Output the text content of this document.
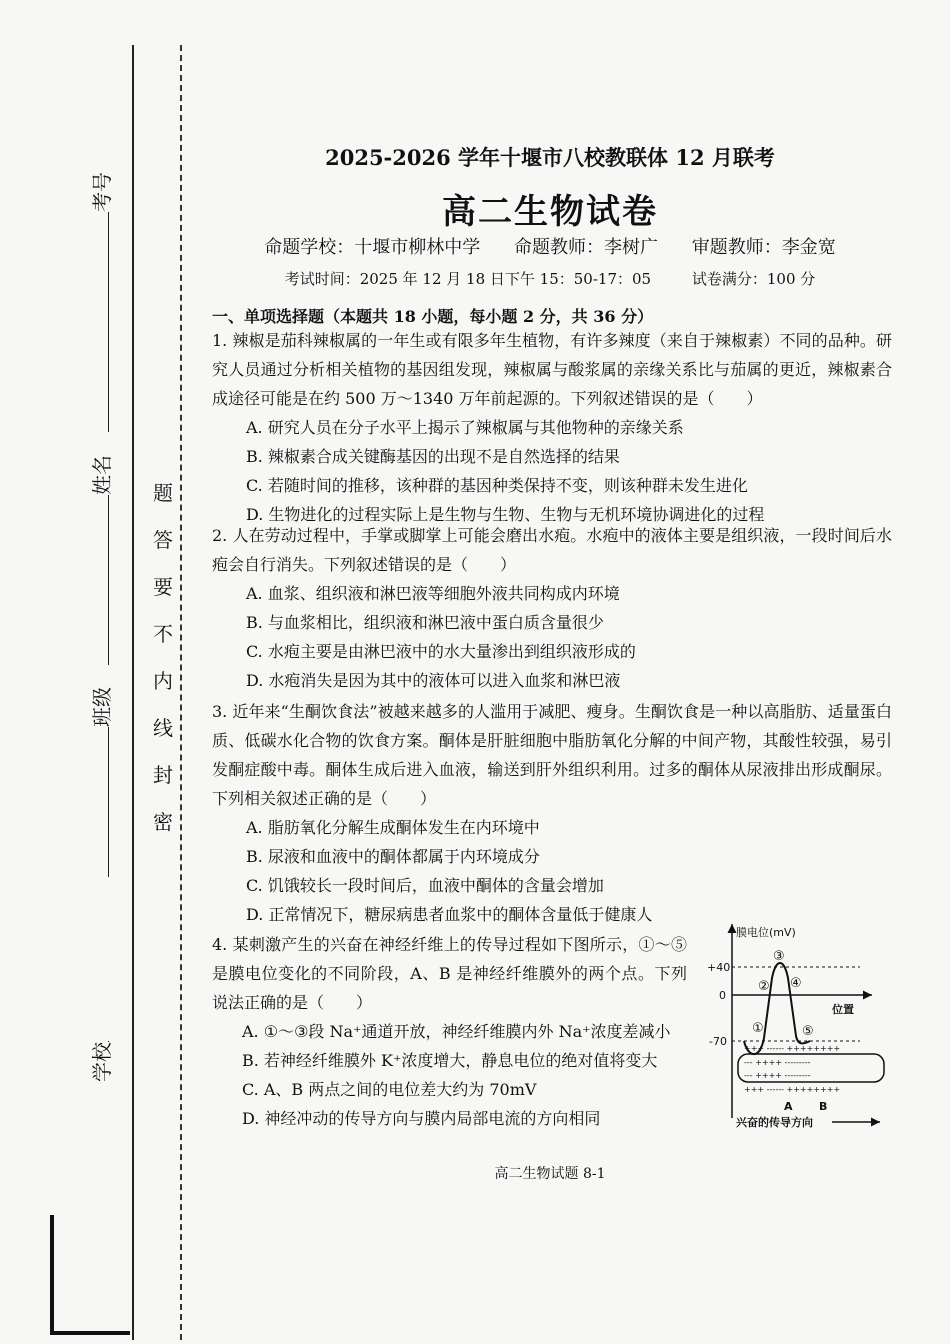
考号
姓名
班级
学校
题
答
要
不
内
线
封
密
2025-2026 学年十堰市八校教联体 12 月联考
高二生物试卷
命题学校：十堰市柳林中学 命题教师：李树广 审题教师：李金宽
考试时间：2025 年 12 月 18 日下午 15：50-17：05	试卷满分：100 分
一、单项选择题（本题共 18 小题，每小题 2 分，共 36 分）
1. 辣椒是茄科辣椒属的一年生或有限多年生植物，有许多辣度（来自于辣椒素）不同的品种。研究人员通过分析相关植物的基因组发现，辣椒属与酸浆属的亲缘关系比与茄属的更近，辣椒素合成途径可能是在约 500 万～1340 万年前起源的。下列叙述错误的是（　　）
A. 研究人员在分子水平上揭示了辣椒属与其他物种的亲缘关系
B. 辣椒素合成关键酶基因的出现不是自然选择的结果
C. 若随时间的推移，该种群的基因种类保持不变，则该种群未发生进化
D. 生物进化的过程实际上是生物与生物、生物与无机环境协调进化的过程
2. 人在劳动过程中，手掌或脚掌上可能会磨出水疱。水疱中的液体主要是组织液，一段时间后水疱会自行消失。下列叙述错误的是（　　）
A. 血浆、组织液和淋巴液等细胞外液共同构成内环境
B. 与血浆相比，组织液和淋巴液中蛋白质含量很少
C. 水疱主要是由淋巴液中的水大量渗出到组织液形成的
D. 水疱消失是因为其中的液体可以进入血浆和淋巴液
3. 近年来“生酮饮食法”被越来越多的人滥用于减肥、瘦身。生酮饮食是一种以高脂肪、适量蛋白质、低碳水化合物的饮食方案。酮体是肝脏细胞中脂肪氧化分解的中间产物，其酸性较强，易引发酮症酸中毒。酮体生成后进入血液，输送到肝外组织利用。过多的酮体从尿液排出形成酮尿。下列相关叙述正确的是（　　）
A. 脂肪氧化分解生成酮体发生在内环境中
B. 尿液和血液中的酮体都属于内环境成分
C. 饥饿较长一段时间后，血液中酮体的含量会增加
D. 正常情况下，糖尿病患者血浆中的酮体含量低于健康人
4. 某刺激产生的兴奋在神经纤维上的传导过程如下图所示，①～⑤是膜电位变化的不同阶段，A、B 是神经纤维膜外的两个点。下列说法正确的是（　　）
A. ①～③段 Na⁺通道开放，神经纤维膜内外 Na⁺浓度差减小
B. 若神经纤维膜外 K⁺浓度增大，静息电位的绝对值将变大
C. A、B 两点之间的电位差大约为 70mV
D. 神经冲动的传导方向与膜内局部电流的方向相同
膜电位(mV)
位置
+40
0
-70
①
②
③
④
⑤
+++ ------ ++++++++
--- ++++ ---------
--- ++++ ---------
+++ ------ ++++++++
A B
兴奋的传导方向
高二生物试题 8-1
